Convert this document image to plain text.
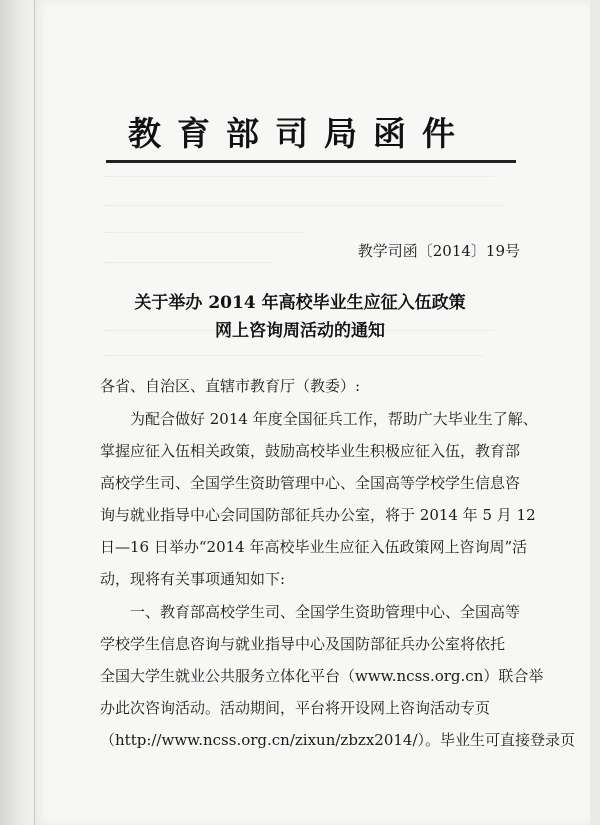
教育部司局函件
教学司函〔2014〕19号
关于举办 2014 年高校毕业生应征入伍政策
网上咨询周活动的通知
各省、自治区、直辖市教育厅（教委）:
　　为配合做好 2014 年度全国征兵工作，帮助广大毕业生了解、
掌握应征入伍相关政策，鼓励高校毕业生积极应征入伍，教育部
高校学生司、全国学生资助管理中心、全国高等学校学生信息咨
询与就业指导中心会同国防部征兵办公室，将于 2014 年 5 月 12
日—16 日举办“2014 年高校毕业生应征入伍政策网上咨询周”活
动，现将有关事项通知如下:
　　一、教育部高校学生司、全国学生资助管理中心、全国高等
学校学生信息咨询与就业指导中心及国防部征兵办公室将依托
全国大学生就业公共服务立体化平台（www.ncss.org.cn）联合举
办此次咨询活动。活动期间，平台将开设网上咨询活动专页
（http://www.ncss.org.cn/zixun/zbzx2014/）。毕业生可直接登录页
